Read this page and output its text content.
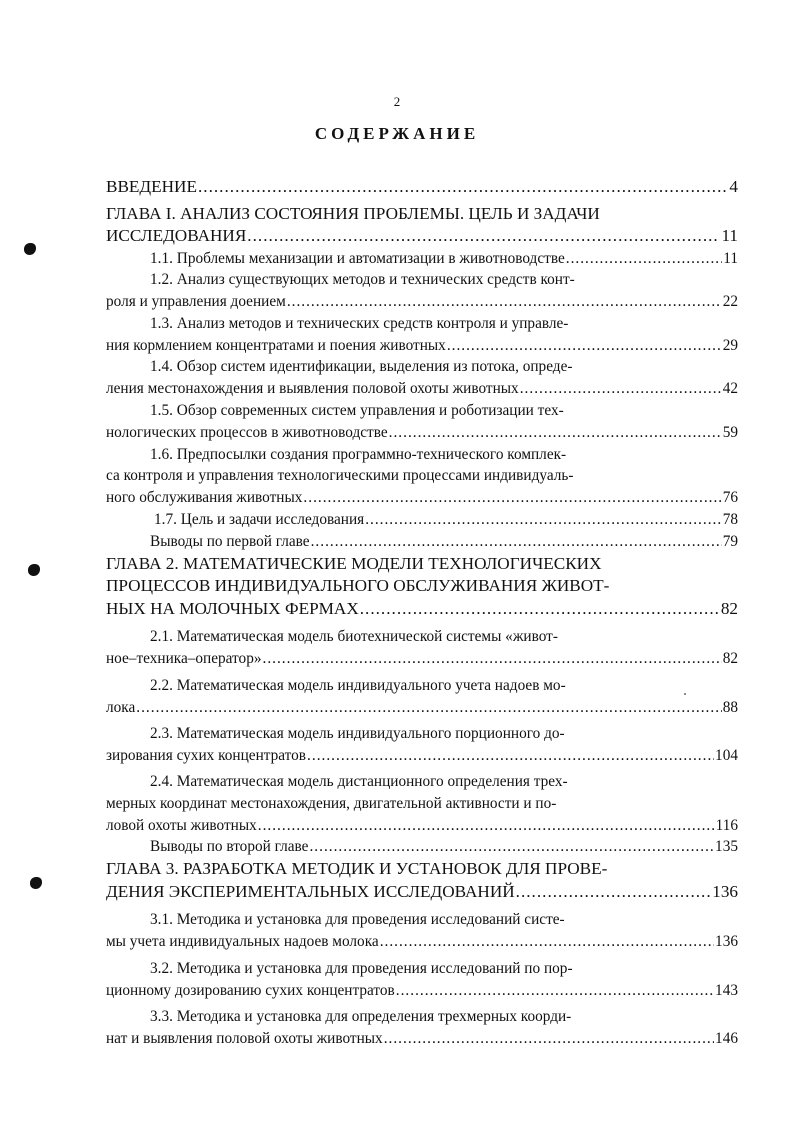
2
СОДЕРЖАНИЕ
ВВЕДЕНИЕ .....	4
ГЛАВА I. АНАЛИЗ СОСТОЯНИЯ ПРОБЛЕМЫ. ЦЕЛЬ И ЗАДАЧИ
ИССЛЕДОВАНИЯ .....	11
1.1. Проблемы механизации и автоматизации в животноводстве .....	11
1.2. Анализ существующих методов и технических средств конт-
роля и управления доением .....	22
1.3. Анализ методов и технических средств контроля и управле-
ния кормлением концентратами и поения животных .....	29
1.4. Обзор систем идентификации, выделения из потока, опреде-
ления местонахождения и выявления половой охоты животных .....	42
1.5. Обзор современных систем управления и роботизации тех-
нологических процессов в животноводстве .....	59
1.6. Предпосылки создания программно-технического комплек-
са контроля и управления технологическими процессами индивидуаль-
ного обслуживания животных .....	76
1.7. Цель и задачи исследования .....	78
Выводы по первой главе .....	79
ГЛАВА 2. МАТЕМАТИЧЕСКИЕ МОДЕЛИ ТЕХНОЛОГИЧЕСКИХ
ПРОЦЕССОВ ИНДИВИДУАЛЬНОГО ОБСЛУЖИВАНИЯ ЖИВОТ-
НЫХ НА МОЛОЧНЫХ ФЕРМАХ .....	82
2.1. Математическая модель биотехнической системы «живот-
ное–техника–оператор» .....	82
2.2. Математическая модель индивидуального учета надоев мо-
лока .....	88
2.3. Математическая модель индивидуального порционного до-
зирования сухих концентратов .....	104
2.4. Математическая модель дистанционного определения трех-
мерных координат местонахождения, двигательной активности и по-
ловой охоты животных .....	116
Выводы по второй главе .....	135
ГЛАВА 3. РАЗРАБОТКА МЕТОДИК И УСТАНОВОК ДЛЯ ПРОВЕ-
ДЕНИЯ ЭКСПЕРИМЕНТАЛЬНЫХ ИССЛЕДОВАНИЙ .....	136
3.1. Методика и установка для проведения исследований систе-
мы учета индивидуальных надоев молока .....	136
3.2. Методика и установка для проведения исследований по пор-
ционному дозированию сухих концентратов .....	143
3.3. Методика и установка для определения трехмерных коорди-
нат и выявления половой охоты животных .....	146
